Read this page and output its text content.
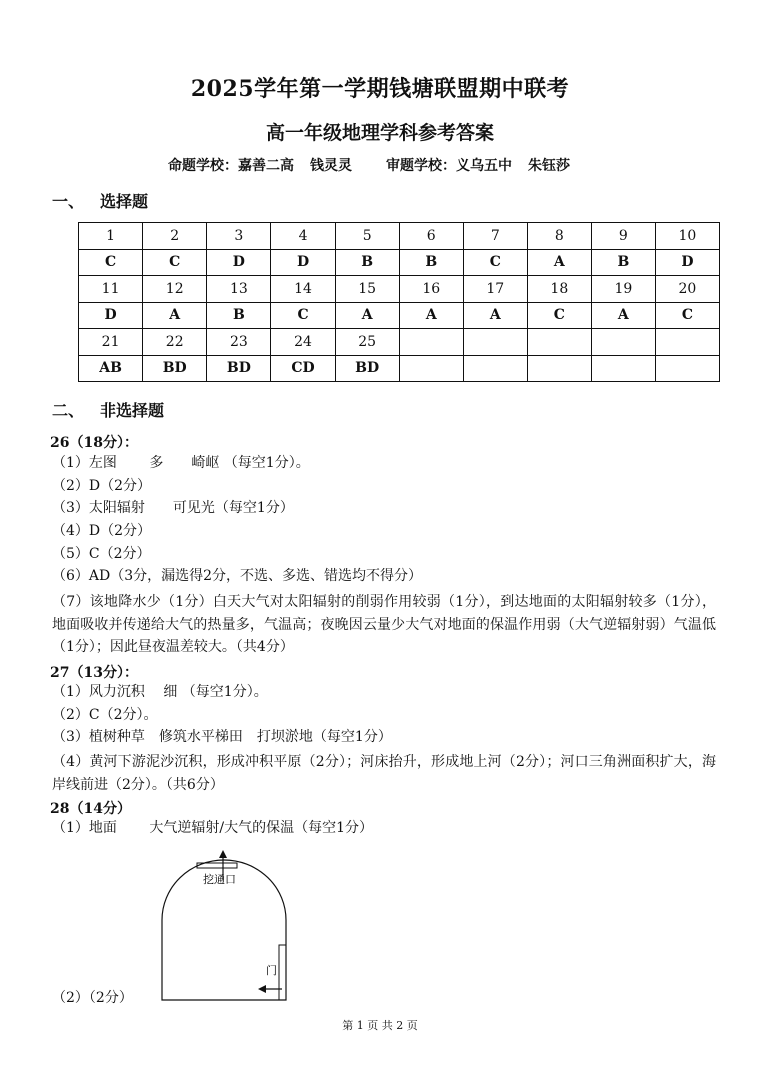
2025学年第一学期钱塘联盟期中联考
高一年级地理学科参考答案
命题学校：嘉善二高 钱灵灵 审题学校：义乌五中 朱钰莎
一、 选择题
1	2	3	4	5	6	7	8	9	10
C	C	D	D	B	B	C	A	B	D
11	12	13	14	15	16	17	18	19	20
D	A	B	C	A	A	A	C	A	C
21	22	23	24	25					
AB	BD	BD	CD	BD					
二、 非选择题
26（18分）：
（1）左图　　 多　　崎岖 （每空1分）。
（2）D（2分）
（3）太阳辐射　　可见光（每空1分）
（4）D（2分）
（5）C（2分）
（6）AD（3分，漏选得2分，不选、多选、错选均不得分）
（7）该地降水少（1分）白天大气对太阳辐射的削弱作用较弱（1分），到达地面的太阳辐射较多（1分），地面吸收并传递给大气的热量多，气温高；夜晚因云量少大气对地面的保温作用弱（大气逆辐射弱）气温低（1分）；因此昼夜温差较大。（共4分）
27（13分）：
（1）风力沉积　 细 （每空1分）。
（2）C（2分）。
（3）植树种草　修筑水平梯田　打坝淤地（每空1分）
（4）黄河下游泥沙沉积，形成冲积平原（2分）；河床抬升，形成地上河（2分）；河口三角洲面积扩大，海岸线前进（2分）。（共6分）
28（14分）
（1）地面　　 大气逆辐射/大气的保温（每空1分）
挖通口
门
（2）（2分）
第 1 页 共 2 页
